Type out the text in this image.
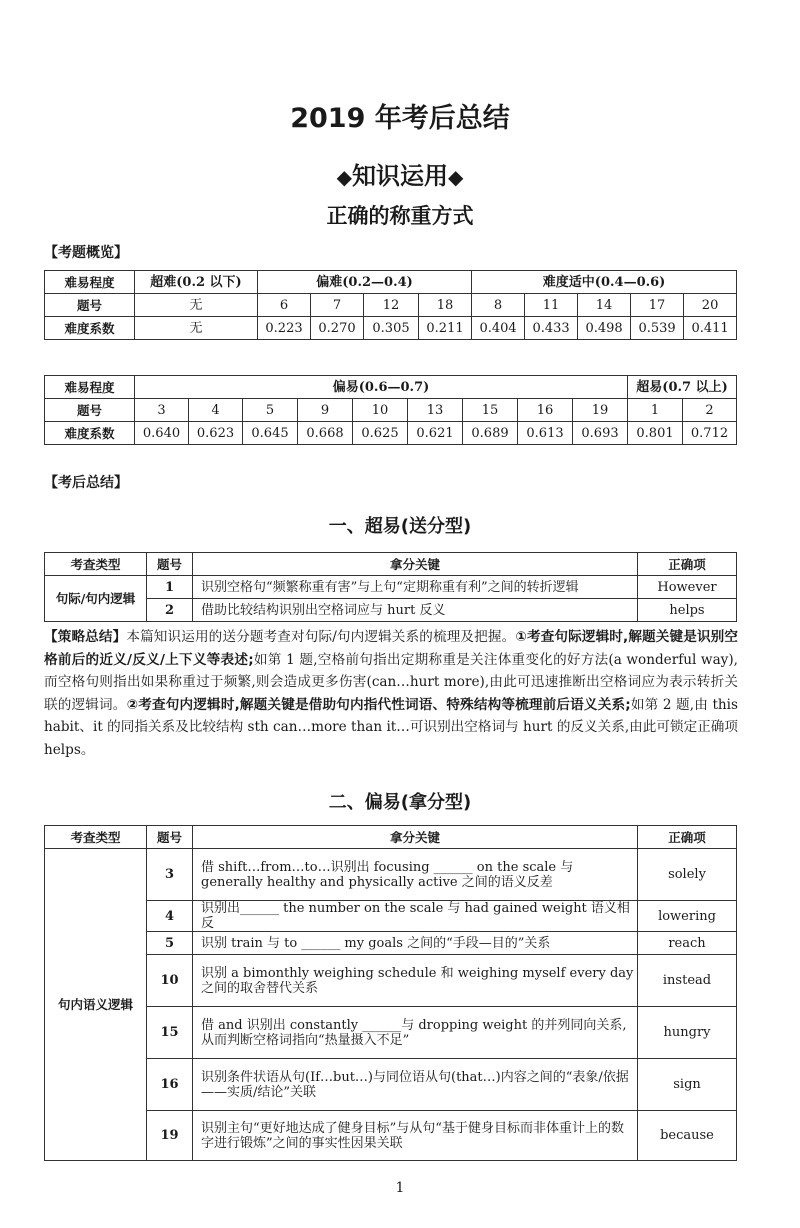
2019 年考后总结
◆知识运用◆
正确的称重方式
【考题概览】
难易程度	超难(0.2 以下)	偏难(0.2—0.4)				难度适中(0.4—0.6)				
题号	无	6	7	12	18	8	11	14	17	20
难度系数	无	0.223	0.270	0.305	0.211	0.404	0.433	0.498	0.539	0.411
难易程度	偏易(0.6—0.7)									超易(0.7 以上)	
题号	3	4	5	9	10	13	15	16	19	1	2
难度系数	0.640	0.623	0.645	0.668	0.625	0.621	0.689	0.613	0.693	0.801	0.712
【考后总结】
一、超易(送分型)
考查类型	题号	拿分关键	正确项
句际/句内逻辑	1	识别空格句“频繁称重有害”与上句“定期称重有利”之间的转折逻辑	However
	2	借助比较结构识别出空格词应与 hurt 反义	helps
【策略总结】本篇知识运用的送分题考查对句际/句内逻辑关系的梳理及把握。①考查句际逻辑时,解题关键是识别空格前后的近义/反义/上下义等表述;如第 1 题,空格前句指出定期称重是关注体重变化的好方法(a wonderful way),而空格句则指出如果称重过于频繁,则会造成更多伤害(can…hurt more),由此可迅速推断出空格词应为表示转折关联的逻辑词。②考查句内逻辑时,解题关键是借助句内指代性词语、特殊结构等梳理前后语义关系;如第 2 题,由 this habit、it 的同指关系及比较结构 sth can…more than it…可识别出空格词与 hurt 的反义关系,由此可锁定正确项 helps。
二、偏易(拿分型)
考查类型	题号	拿分关键	正确项
句内语义逻辑	3	借 shift…from…to…识别出 focusing ______ on the scale 与 generally healthy and physically active 之间的语义反差	solely
	4	识别出______ the number on the scale 与 had gained weight 语义相反	lowering
	5	识别 train 与 to ______ my goals 之间的“手段—目的”关系	reach
	10	识别 a bimonthly weighing schedule 和 weighing myself every day 之间的取舍替代关系	instead
	15	借 and 识别出 constantly ______与 dropping weight 的并列同向关系,从而判断空格词指向“热量摄入不足”	hungry
	16	识别条件状语从句(If…but…)与同位语从句(that…)内容之间的“表象/依据——实质/结论”关联	sign
	19	识别主句“更好地达成了健身目标”与从句“基于健身目标而非体重计上的数字进行锻炼”之间的事实性因果关联	because
1
